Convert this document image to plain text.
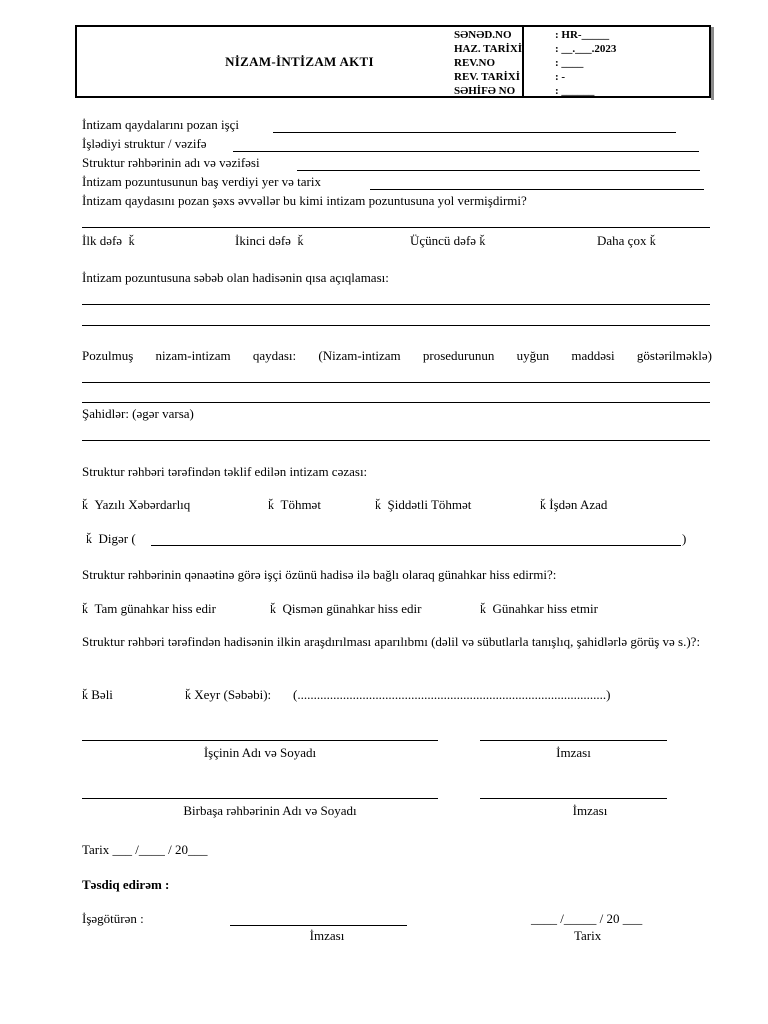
NİZAM-İNTİZAM AKTI
SƏNƏD.NO	: HR-_____
HAZ. TARİXİ	: __.___.2023
REV.NO	: ____
REV. TARİXİ	: -
SƏHİFƏ NO	: ______
İntizam qaydalarını pozan işçi
İşlədiyi struktur / vəzifə
Struktur rəhbərinin adı və vəzifəsi
İntizam pozuntusunun baş verdiyi yer və tarix
İntizam qaydasını pozan şəxs əvvəllər bu kimi intizam pozuntusuna yol vermişdirmi?
İlk dəfə ǩ	İkinci dəfə ǩ	Üçüncü dəfə ǩ	Daha çox ǩ
İntizam pozuntusuna səbəb olan hadisənin qısa açıqlaması:
Pozulmuş nizam-intizam qaydası: (Nizam-intizam prosedurunun uyğun maddəsi göstərilməklə)
Şahidlər: (əgər varsa)
Struktur rəhbəri tərəfindən təklif edilən intizam cəzası:
ǩ Yazılı Xəbərdarlıq	ǩ Töhmət	ǩ Şiddətli Töhmət	ǩ İşdən Azad
ǩ Digər (	)
Struktur rəhbərinin qənaətinə görə işçi özünü hadisə ilə bağlı olaraq günahkar hiss edirmi?:
ǩ Tam günahkar hiss edir	ǩ Qismən günahkar hiss edir	ǩ Günahkar hiss etmir
Struktur rəhbəri tərəfindən hadisənin ilkin araşdırılması aparılıbmı (dəlil və sübutlarla tanışlıq, şahidlərlə görüş və s.)?:
ǩ Bəli	ǩ Xeyr (Səbəbi): (...............................................................................................)
İşçinin Adı və Soyadı	İmzası
Birbaşa rəhbərinin Adı və Soyadı	İmzası
Tarix ___ /____ / 20___
Təsdiq edirəm :
İşəgötürən :
İmzası
____ /_____ / 20 ___
Tarix
